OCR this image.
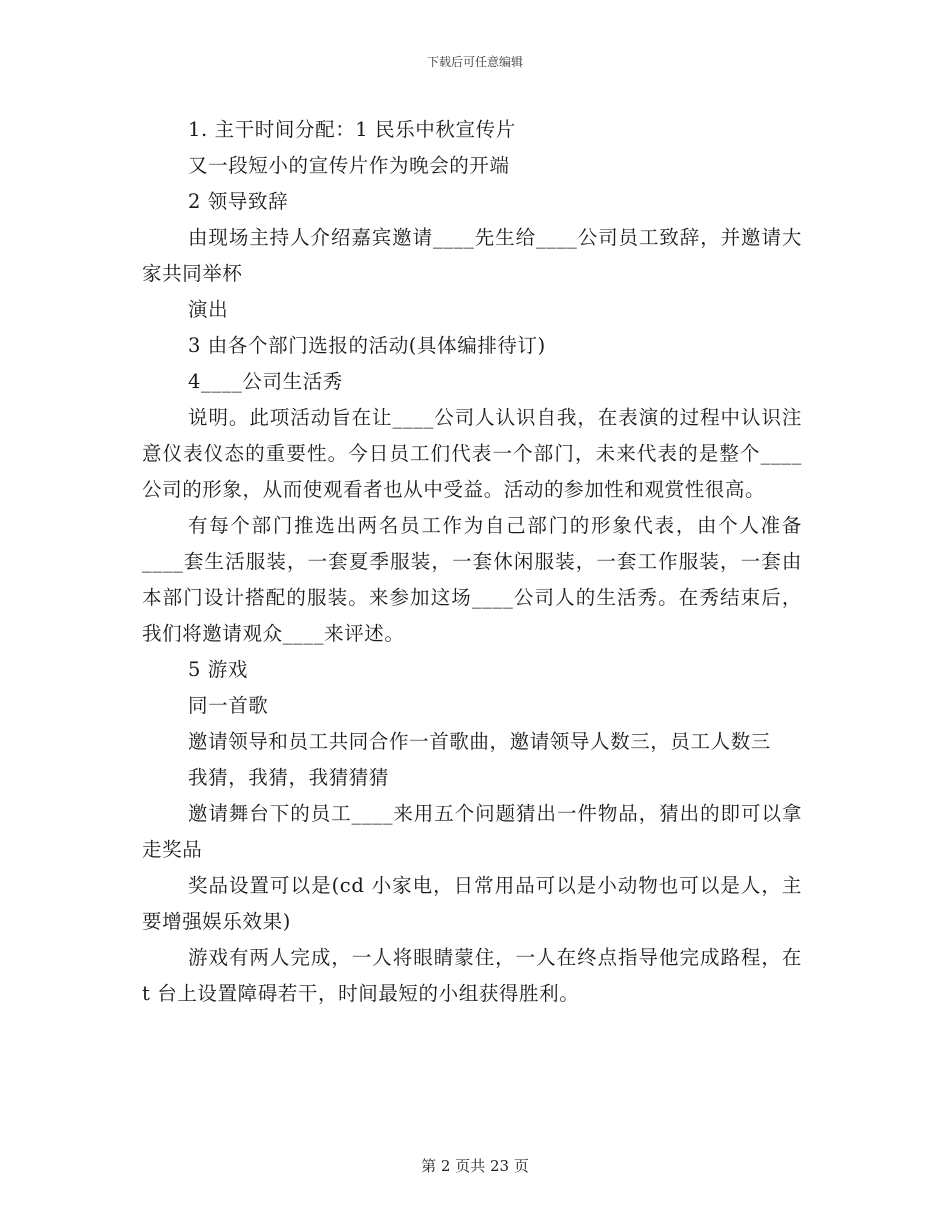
下载后可任意编辑

1. 主干时间分配：1 民乐中秋宣传片

又一段短小的宣传片作为晚会的开端

2 领导致辞

由现场主持人介绍嘉宾邀请____先生给____公司员工致辞，并邀请大家共同举杯

演出

3 由各个部门选报的活动(具体编排待订)

4____公司生活秀

说明。此项活动旨在让____公司人认识自我，在表演的过程中认识注意仪表仪态的重要性。今日员工们代表一个部门，未来代表的是整个____公司的形象，从而使观看者也从中受益。活动的参加性和观赏性很高。

有每个部门推选出两名员工作为自己部门的形象代表，由个人准备____套生活服装，一套夏季服装，一套休闲服装，一套工作服装，一套由本部门设计搭配的服装。来参加这场____公司人的生活秀。在秀结束后，我们将邀请观众____来评述。

5 游戏

同一首歌

邀请领导和员工共同合作一首歌曲，邀请领导人数三，员工人数三

我猜，我猜，我猜猜猜

邀请舞台下的员工____来用五个问题猜出一件物品，猜出的即可以拿走奖品

奖品设置可以是(cd 小家电，日常用品可以是小动物也可以是人，主要增强娱乐效果)

游戏有两人完成，一人将眼睛蒙住，一人在终点指导他完成路程，在 t 台上设置障碍若干，时间最短的小组获得胜利。

第 2 页共 23 页
